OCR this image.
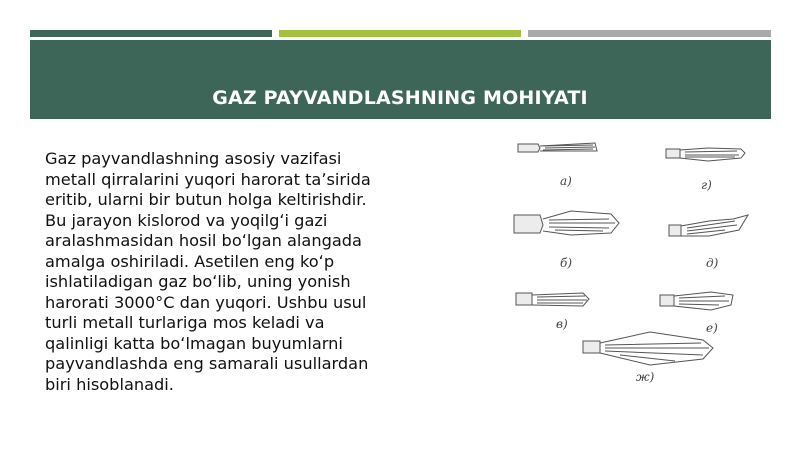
GAZ PAYVANDLASHNING MOHIYATI

Gaz payvandlashning asosiy vazifasi
metall qirralarini yuqori harorat taʼsirida
eritib, ularni bir butun holga keltirishdir.
Bu jarayon kislorod va yoqilgʻi gazi
aralashmasidan hosil boʻlgan alangada
amalga oshiriladi. Asetilen eng koʻp
ishlatiladigan gaz boʻlib, uning yonish
harorati 3000°C dan yuqori. Ushbu usul
turli metall turlariga mos keladi va
qalinligi katta boʻlmagan buyumlarni
payvandlashda eng samarali usullardan
biri hisoblanadi.

а)	г)
б)	д)
в)	е)
ж)
